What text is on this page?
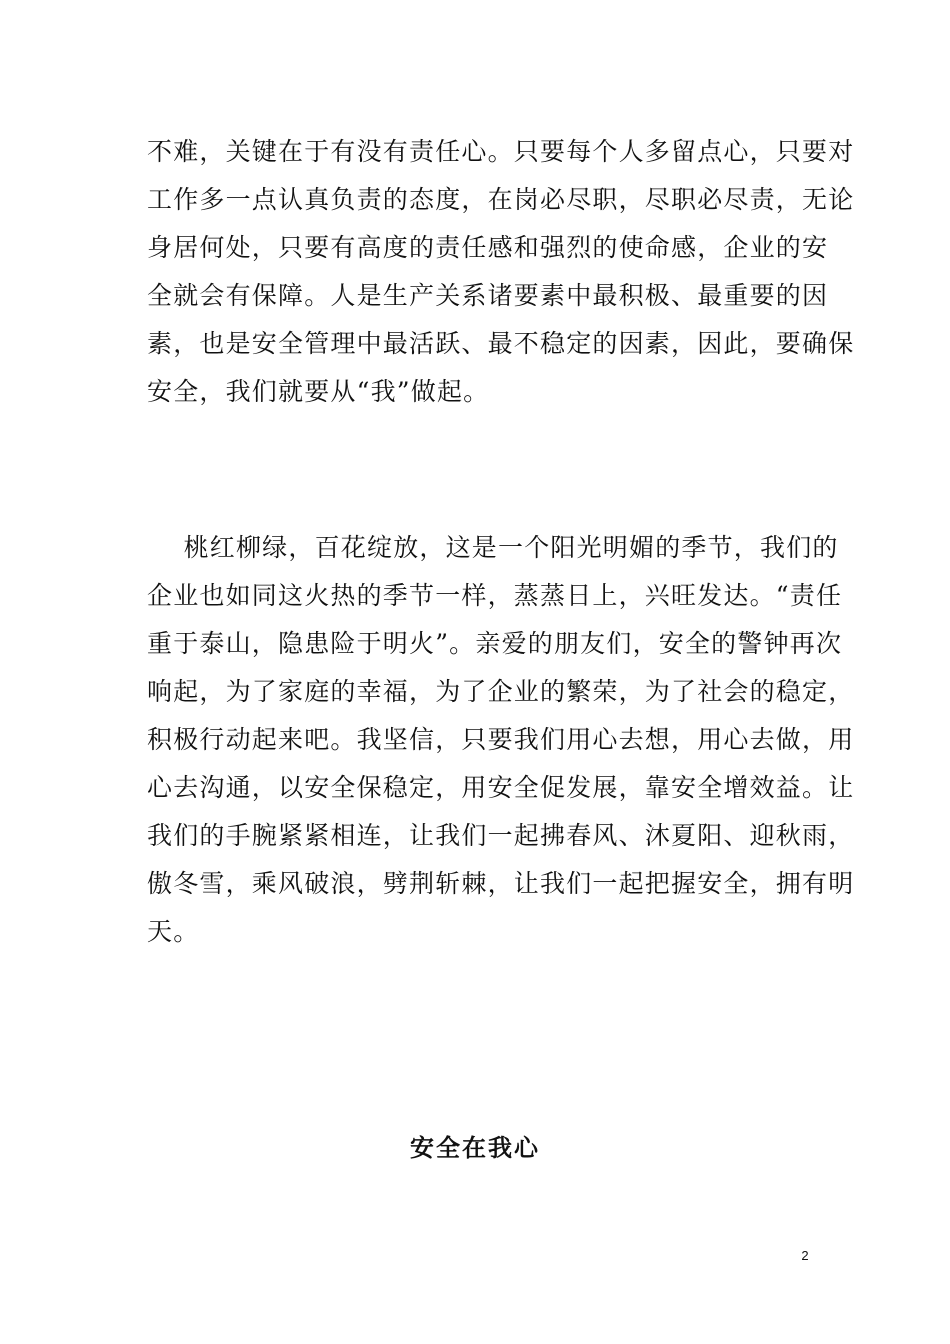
不难，关键在于有没有责任心。只要每个人多留点心，只要对
工作多一点认真负责的态度，在岗必尽职，尽职必尽责，无论
身居何处，只要有高度的责任感和强烈的使命感，企业的安
全就会有保障。人是生产关系诸要素中最积极、最重要的因
素，也是安全管理中最活跃、最不稳定的因素，因此，要确保
安全，我们就要从“我”做起。
桃红柳绿，百花绽放，这是一个阳光明媚的季节，我们的
企业也如同这火热的季节一样，蒸蒸日上，兴旺发达。“责任
重于泰山，隐患险于明火”。亲爱的朋友们，安全的警钟再次
响起，为了家庭的幸福，为了企业的繁荣，为了社会的稳定，
积极行动起来吧。我坚信，只要我们用心去想，用心去做，用
心去沟通，以安全保稳定，用安全促发展，靠安全增效益。让
我们的手腕紧紧相连，让我们一起拂春风、沐夏阳、迎秋雨，
傲冬雪，乘风破浪，劈荆斩棘，让我们一起把握安全，拥有明
天。
安全在我心
2
